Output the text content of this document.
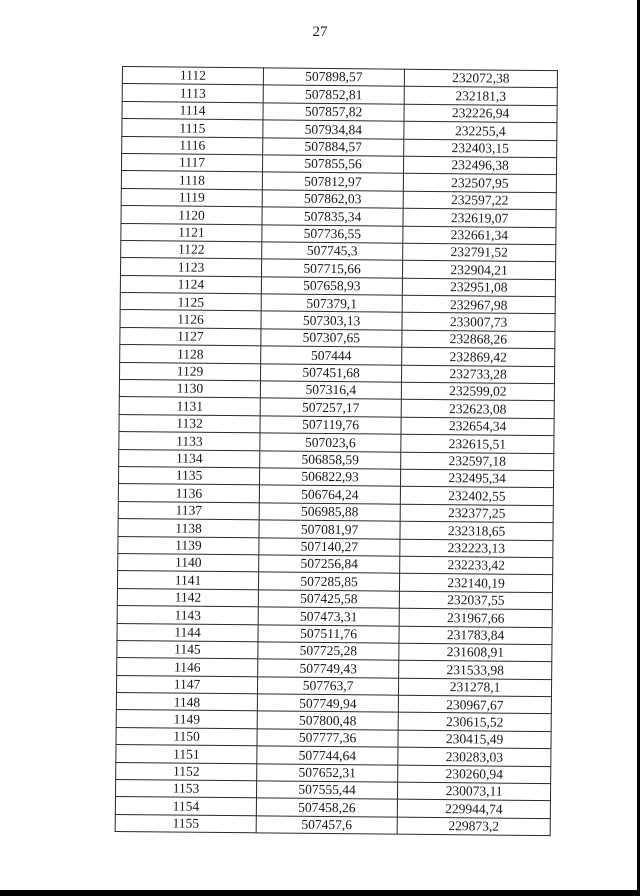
27
1112	507898,57	232072,38
1113	507852,81	232181,3
1114	507857,82	232226,94
1115	507934,84	232255,4
1116	507884,57	232403,15
1117	507855,56	232496,38
1118	507812,97	232507,95
1119	507862,03	232597,22
1120	507835,34	232619,07
1121	507736,55	232661,34
1122	507745,3	232791,52
1123	507715,66	232904,21
1124	507658,93	232951,08
1125	507379,1	232967,98
1126	507303,13	233007,73
1127	507307,65	232868,26
1128	507444	232869,42
1129	507451,68	232733,28
1130	507316,4	232599,02
1131	507257,17	232623,08
1132	507119,76	232654,34
1133	507023,6	232615,51
1134	506858,59	232597,18
1135	506822,93	232495,34
1136	506764,24	232402,55
1137	506985,88	232377,25
1138	507081,97	232318,65
1139	507140,27	232223,13
1140	507256,84	232233,42
1141	507285,85	232140,19
1142	507425,58	232037,55
1143	507473,31	231967,66
1144	507511,76	231783,84
1145	507725,28	231608,91
1146	507749,43	231533,98
1147	507763,7	231278,1
1148	507749,94	230967,67
1149	507800,48	230615,52
1150	507777,36	230415,49
1151	507744,64	230283,03
1152	507652,31	230260,94
1153	507555,44	230073,11
1154	507458,26	229944,74
1155	507457,6	229873,2
